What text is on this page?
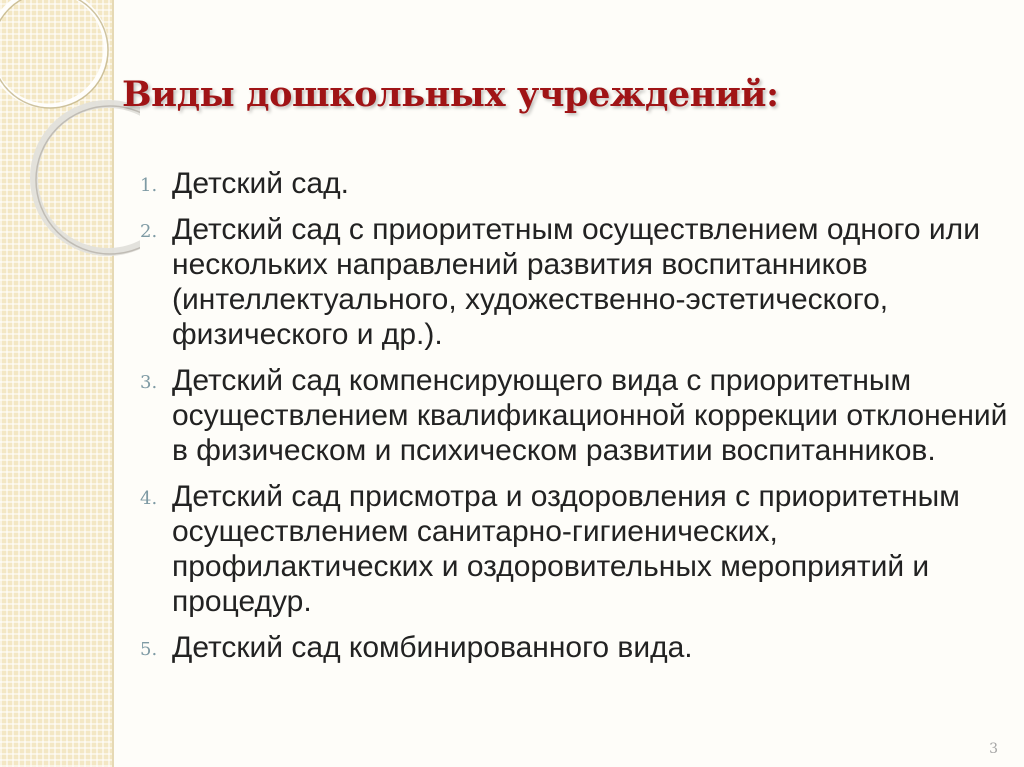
Виды дошкольных учреждений:
1. Детский сад.
2. Детский сад с приоритетным осуществлением одного или нескольких направлений развития воспитанников (интеллектуального, художественно-эстетического, физического и др.).
3. Детский сад компенсирующего вида с приоритетным осуществлением квалификационной коррекции отклонений в физическом и психическом развитии воспитанников.
4. Детский сад присмотра и оздоровления с приоритетным осуществлением санитарно-гигиенических, профилактических и оздоровительных мероприятий и процедур.
5. Детский сад комбинированного вида.
3
